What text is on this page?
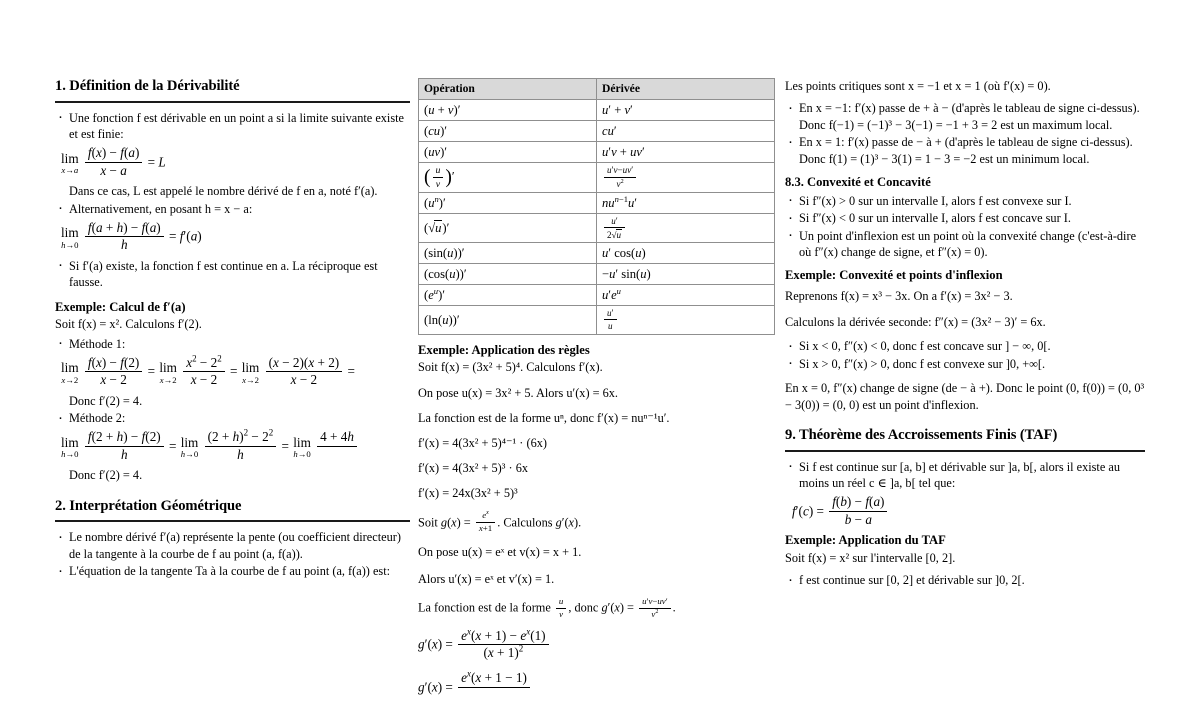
1. Définition de la Dérivabilité
· Une fonction f est dérivable en un point a si la limite suivante existe et est finie:
lim
x→a
$\frac{f(x) - f(a)}{x - a} = L$
Dans ce cas, L est appelé le nombre dérivé de f en a, noté f′(a).
· Alternativement, en posant h = x − a:
lim
h→0
$\frac{f(a + h) - f(a)}{h} = f'(a)$
· Si f′(a) existe, la fonction f est continue en a. La réciproque est fausse.
Exemple: Calcul de f′(a)

Soit f(x) = x². Calculons f′(2).

· Méthode 1:
lim
x→2
$\frac{f(x) - f(2)}{x - 2} = \lim$
x→2
$\frac{x^2 - 2^2}{x - 2} = \lim$
x→2
$\frac{(x - 2)(x + 2)}{x - 2}$ =
Donc f′(2) = 4.
· Méthode 2:
lim
h→0
$\frac{f(2 + h) - f(2)}{h} = \lim$
h→0
$\frac{(2 + h)^2 - 2^2}{h} = \lim$
h→0

4 + 4h

Donc f′(2) = 4.
2. Interprétation Géométrique
· Le nombre dérivé f′(a) représente la pente (ou coefficient directeur) de la tangente à la courbe de f au point (a, f(a)).
· L'équation de la tangente Ta à la courbe de f au point (a, f(a)) est:
Opération	Dérivée
(u + v)′	u′ + v′
(cu)′	cu′
(uv)′	u′v + uv′
( $\frac{u}{v}$ )′	$\frac{u'v-uv'}{v^2}$

$(u^n)'$	$nu^{n-1}u'$
(√u)′	$\frac{u'}{2√u}$

(sin(u))′	u′ cos(u)
(cos(u))′	−u′ sin(u)
$(e^u)'$	$u'e^u$
(ln(u))′	$\frac{u'}{u}$
Exemple: Application des règles

Soit f(x) = (3x² + 5)⁴. Calculons f′(x).

On pose u(x) = 3x² + 5. Alors u′(x) = 6x.

La fonction est de la forme uⁿ, donc f′(x) = nuⁿ⁻¹u′.

f′(x) = 4(3x² + 5)⁴⁻¹ · (6x)

f′(x) = 4(3x² + 5)³ · 6x

f′(x) = 24x(3x² + 5)³

Soit $g(x) = \frac{e^x}{x+1}$ . Calculons g′(x).

On pose u(x) = eˣ et v(x) = x + 1.

Alors u′(x) = eˣ et v′(x) = 1.

La fonction est de la forme $\frac{u}{v}$ , donc $g'(x) = \frac{u'v-uv'}{v^2}$ .

$g'(x) = \frac{e^x(x + 1) - e^x(1)}{(x + 1)^2}$
g′(x) =
$e^x(x + 1 - 1)$

Les points critiques sont x = −1 et x = 1 (où f′(x) = 0).

· En x = −1: f′(x) passe de + à − (d'après le tableau de signe ci-dessus). Donc f(−1) = (−1)³ − 3(−1) = −1 + 3 = 2 est un maximum local.
· En x = 1: f′(x) passe de − à + (d'après le tableau de signe ci-dessus). Donc f(1) = (1)³ − 3(1) = 1 − 3 = −2 est un minimum local.
8.3. Convexité et Concavité
· Si f″(x) > 0 sur un intervalle I, alors f est convexe sur I.
· Si f″(x) < 0 sur un intervalle I, alors f est concave sur I.
· Un point d'inflexion est un point où la convexité change (c'est-à-dire où f″(x) change de signe, et f″(x) = 0).
Exemple: Convexité et points d'inflexion

Reprenons f(x) = x³ − 3x. On a f′(x) = 3x² − 3.

Calculons la dérivée seconde: f″(x) = (3x² − 3)′ = 6x.

· Si x < 0, f″(x) < 0, donc f est concave sur ] − ∞, 0[.
· Si x > 0, f″(x) > 0, donc f est convexe sur ]0, +∞[.

En x = 0, f″(x) change de signe (de − à +). Donc le point (0, f(0)) = (0, 0³ − 3(0)) = (0, 0) est un point d'inflexion.

9. Théorème des Accroissements Finis (TAF)
· Si f est continue sur [a, b] et dérivable sur ]a, b[, alors il existe au moins un réel c ∈ ]a, b[ tel que:
$f'(c) = \frac{f(b) - f(a)}{b - a}$
Exemple: Application du TAF

Soit f(x) = x² sur l'intervalle [0, 2].

· f est continue sur [0, 2] et dérivable sur ]0, 2[.
